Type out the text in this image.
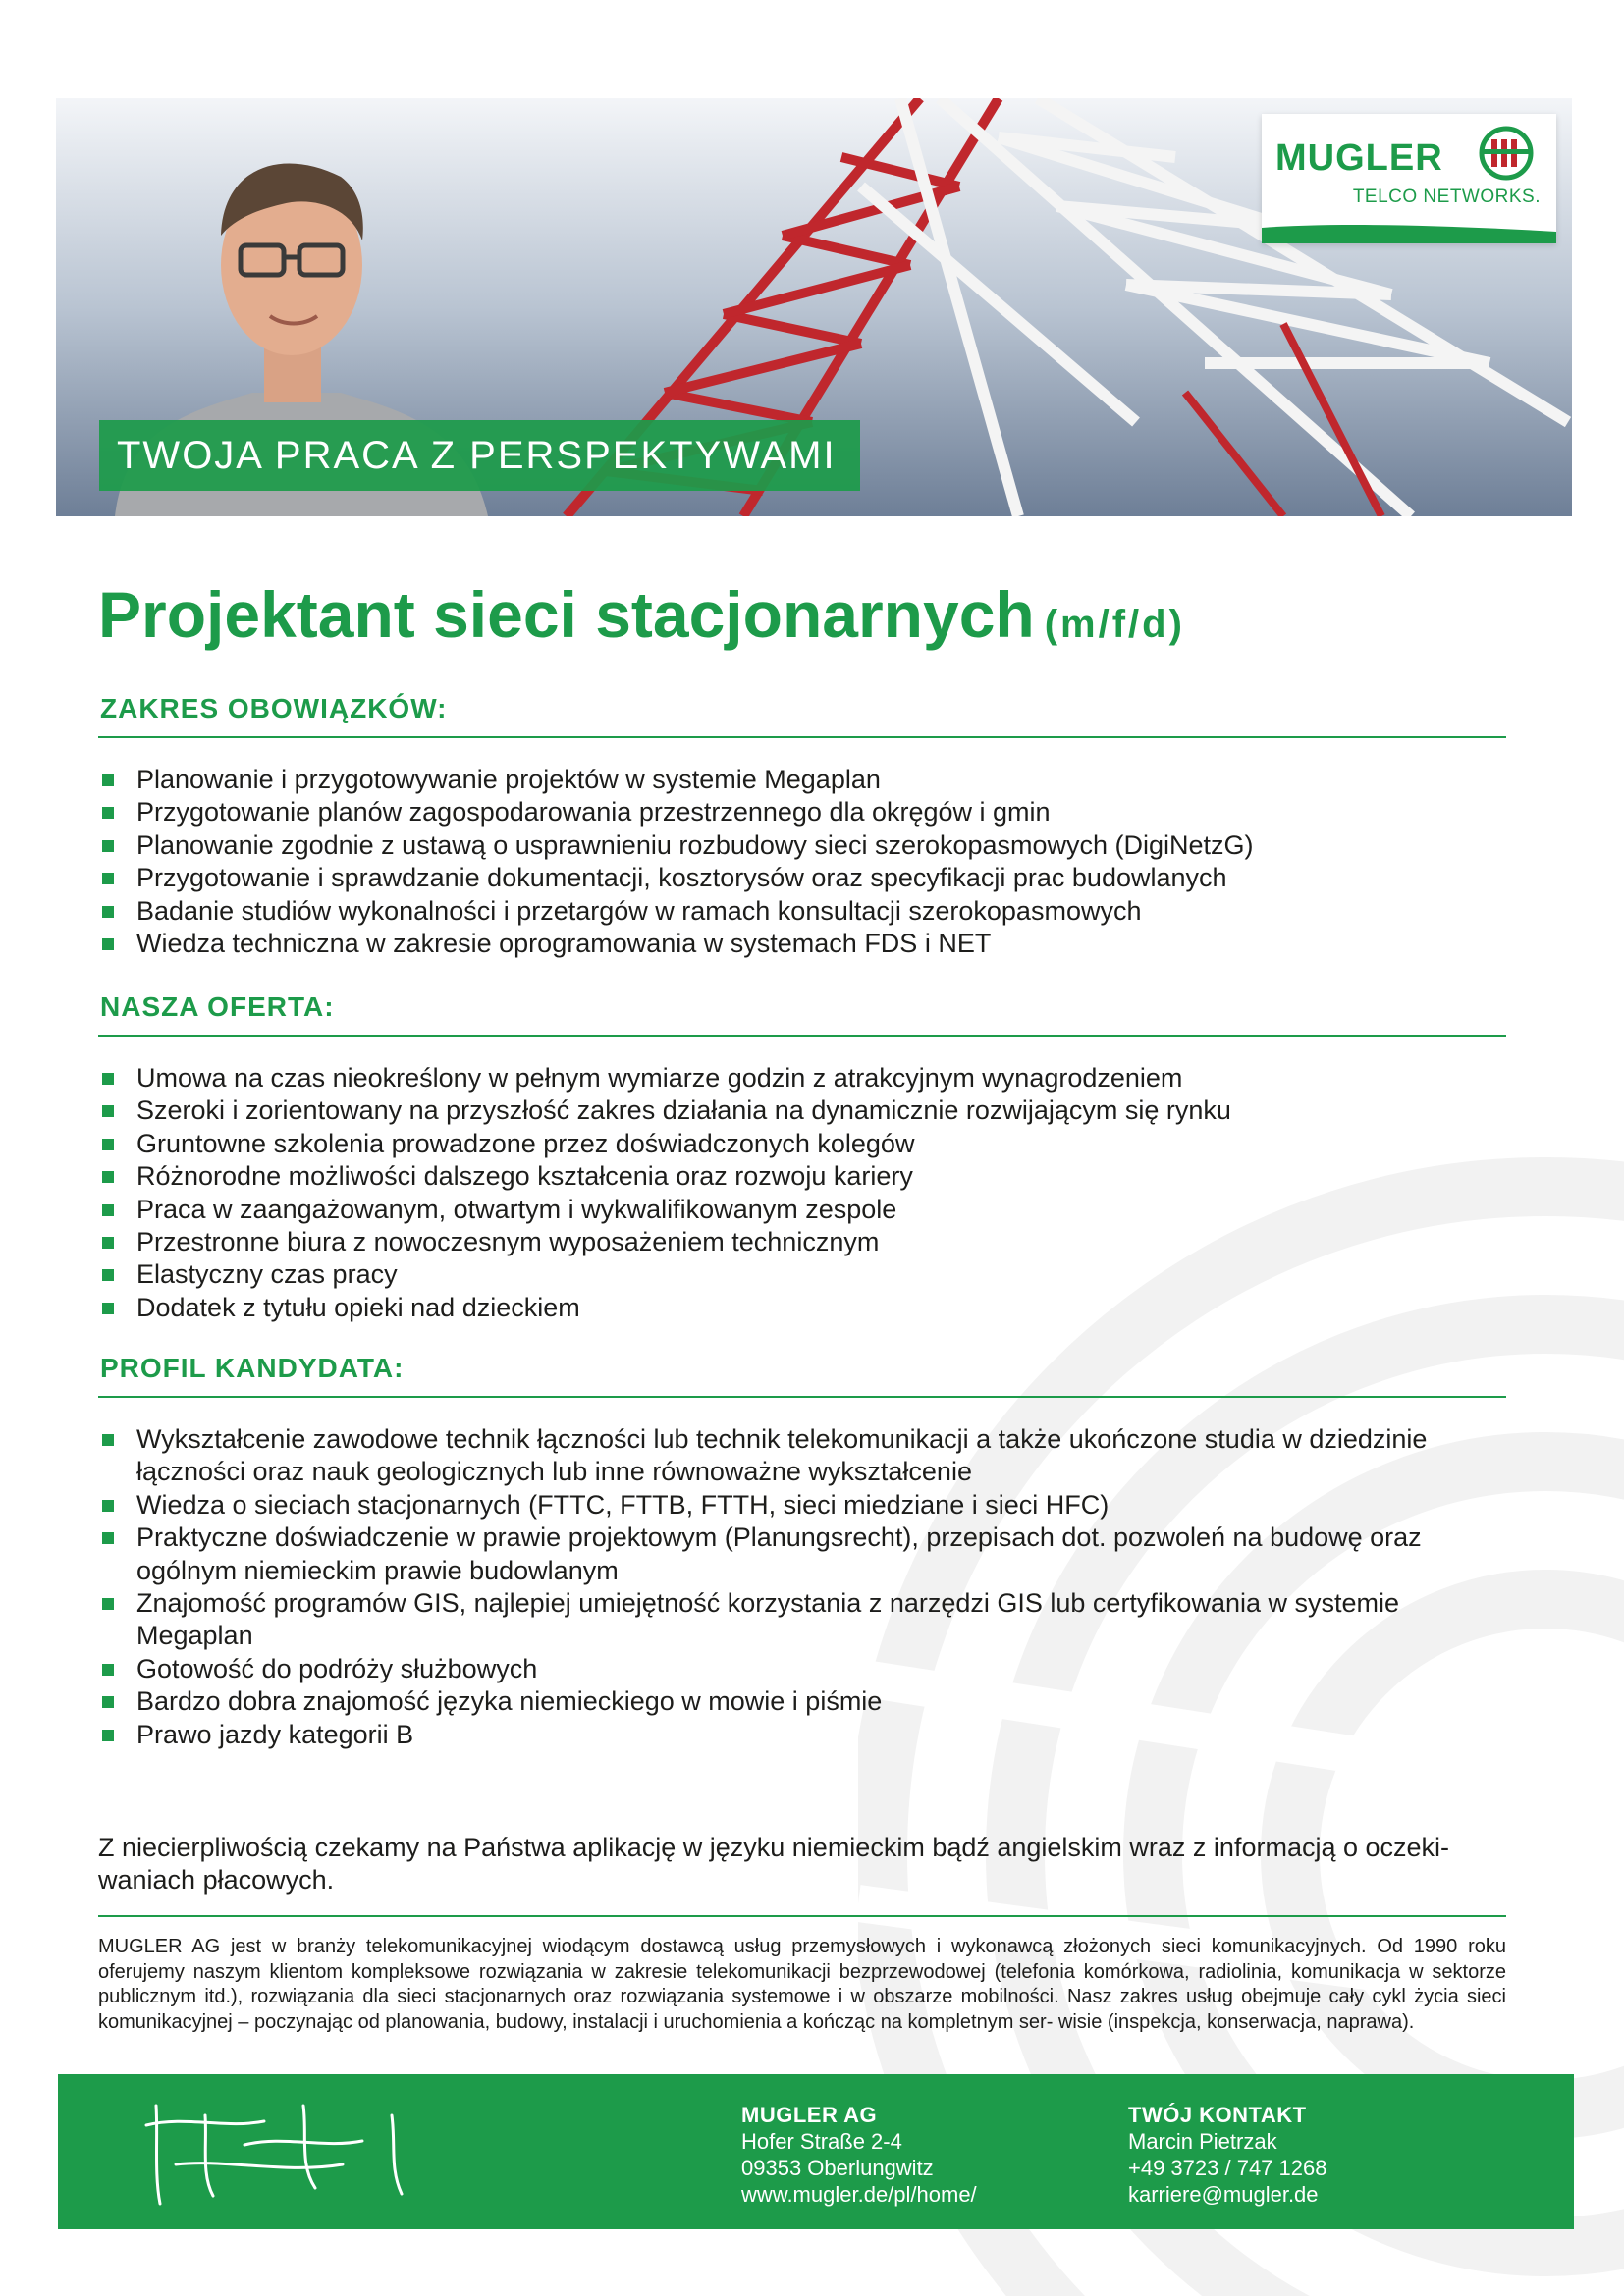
MUGLER
TELCO NETWORKS.
TWOJA PRACA Z PERSPEKTYWAMI
Projektant sieci stacjonarnych (m/f/d)
ZAKRES OBOWIĄZKÓW:
Planowanie i przygotowywanie projektów w systemie Megaplan
Przygotowanie planów zagospodarowania przestrzennego dla okręgów i gmin
Planowanie zgodnie z ustawą o usprawnieniu rozbudowy sieci szerokopasmowych (DigiNetzG)
Przygotowanie i sprawdzanie dokumentacji, kosztorysów oraz specyfikacji prac budowlanych
Badanie studiów wykonalności i przetargów w ramach konsultacji szerokopasmowych
Wiedza techniczna w zakresie oprogramowania w systemach FDS i NET
NASZA OFERTA:
Umowa na czas nieokreślony w pełnym wymiarze godzin z atrakcyjnym wynagrodzeniem
Szeroki i zorientowany na przyszłość zakres działania na dynamicznie rozwijającym się rynku
Gruntowne szkolenia prowadzone przez doświadczonych kolegów
Różnorodne możliwości dalszego kształcenia oraz rozwoju kariery
Praca w zaangażowanym, otwartym i wykwalifikowanym zespole
Przestronne biura z nowoczesnym wyposażeniem technicznym
Elastyczny czas pracy
Dodatek z tytułu opieki nad dzieckiem
PROFIL KANDYDATA:
Wykształcenie zawodowe technik łączności lub technik telekomunikacji a także ukończone studia w dziedzinie łączności oraz nauk geologicznych lub inne równoważne wykształcenie
Wiedza o sieciach stacjonarnych (FTTC, FTTB, FTTH, sieci miedziane i sieci HFC)
Praktyczne doświadczenie w prawie projektowym (Planungsrecht), przepisach dot. pozwoleń na budowę oraz ogólnym niemieckim prawie budowlanym
Znajomość programów GIS, najlepiej umiejętność korzystania z narzędzi GIS lub certyfikowania w systemie Megaplan
Gotowość do podróży służbowych
Bardzo dobra znajomość języka niemieckiego w mowie i piśmie
Prawo jazdy kategorii B
Z niecierpliwością czekamy na Państwa aplikację w języku niemieckim bądź angielskim wraz z informacją o oczeki- waniach płacowych.
MUGLER AG jest w branży telekomunikacyjnej wiodącym dostawcą usług przemysłowych i wykonawcą złożonych sieci komunikacyjnych. Od 1990 roku oferujemy naszym klientom kompleksowe rozwiązania w zakresie telekomunikacji bezprzewodowej (telefonia komórkowa, radiolinia, komunikacja w sektorze publicznym itd.), rozwiązania dla sieci stacjonarnych oraz rozwiązania systemowe i w obszarze mobilności. Nasz zakres usług obejmuje cały cykl życia sieci komunikacyjnej – poczynając od planowania, budowy, instalacji i uruchomienia a kończąc na kompletnym ser- wisie (inspekcja, konserwacja, naprawa).
MUGLER AG
Hofer Straße 2-4
09353 Oberlungwitz
www.mugler.de/pl/home/
TWÓJ KONTAKT
Marcin Pietrzak
+49 3723 / 747 1268
karriere@mugler.de
